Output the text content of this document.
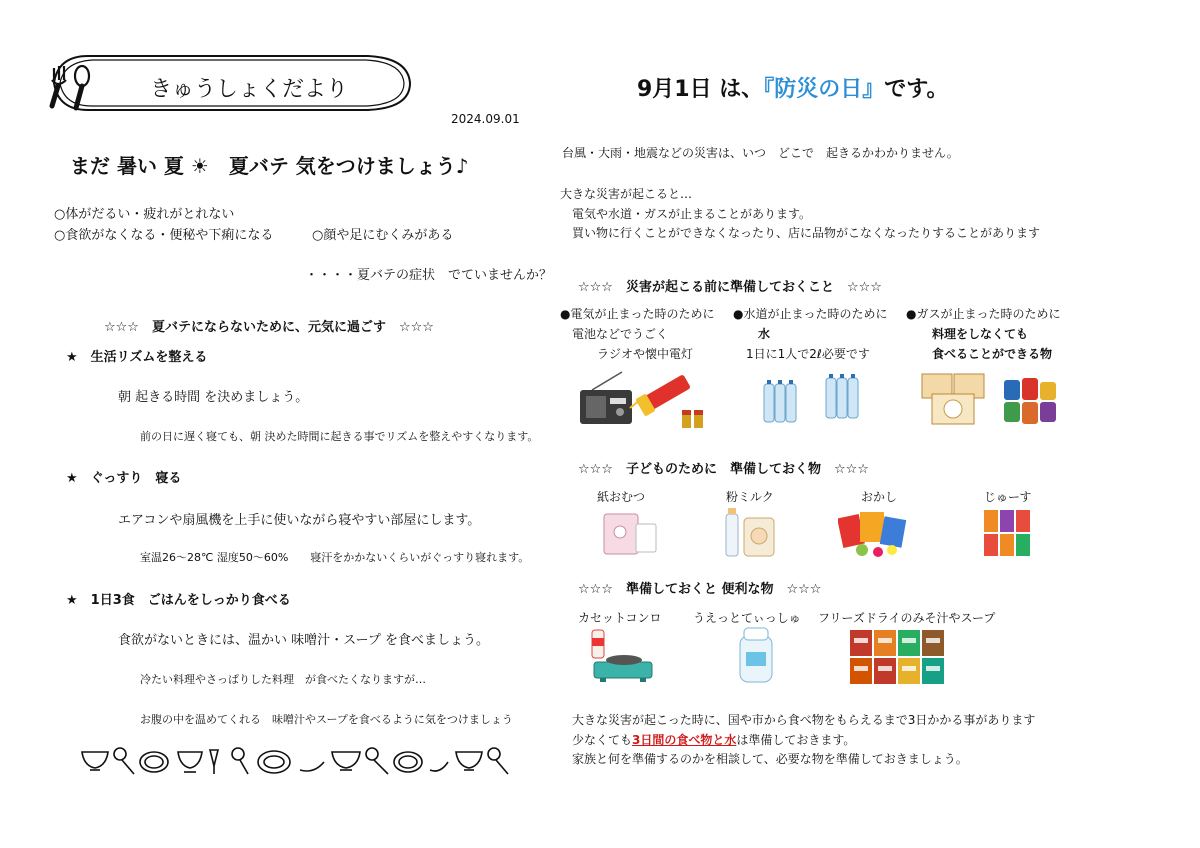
きゅうしょくだより
2024.09.01
まだ 暑い 夏 ☀　夏バテ 気をつけましょう♪
○体がだるい・疲れがとれない
○食欲がなくなる・便秘や下痢になる	○顔や足にむくみがある
・・・・夏バテの症状　でていませんか？
☆☆☆　夏バテにならないために、元気に過ごす　☆☆☆
★　生活リズムを整える
朝 起きる時間 を決めましょう。
前の日に遅く寝ても、朝 決めた時間に起きる事でリズムを整えやすくなります。
★　ぐっすり　寝る
エアコンや扇風機を上手に使いながら寝やすい部屋にします。
室温26～28℃ 湿度50～60%　　寝汗をかかないくらいがぐっすり寝れます。
★　1日3食　ごはんをしっかり食べる
食欲がないときには、温かい 味噌汁・スープ を食べましょう。
冷たい料理やさっぱりした料理　が食べたくなりますが…
お腹の中を温めてくれる　味噌汁やスープを食べるように気をつけましょう
9月1日 は、『防災の日』です。
台風・大雨・地震などの災害は、いつ　どこで　起きるかわかりません。
大きな災害が起こると…
電気や水道・ガスが止まることがあります。
買い物に行くことができなくなったり、店に品物がこなくなったりすることがあります
☆☆☆　災害が起こる前に準備しておくこと　☆☆☆
●電気が止まった時のために
電池などでうごく
ラジオや懐中電灯
●水道が止まった時のために
水
1日に1人で2ℓ必要です
●ガスが止まった時のために
料理をしなくても
食べることができる物
☆☆☆　子どものために　準備しておく物　☆☆☆
紙おむつ	粉ミルク	おかし	じゅーす
☆☆☆　準備しておくと 便利な物　☆☆☆
カセットコンロ	うえっとてぃっしゅ フリーズドライのみそ汁やスープ
大きな災害が起こった時に、国や市から食べ物をもらえるまで3日かかる事があります
少なくても3日間の食べ物と水は準備しておきます。
家族と何を準備するのかを相談して、必要な物を準備しておきましょう。
